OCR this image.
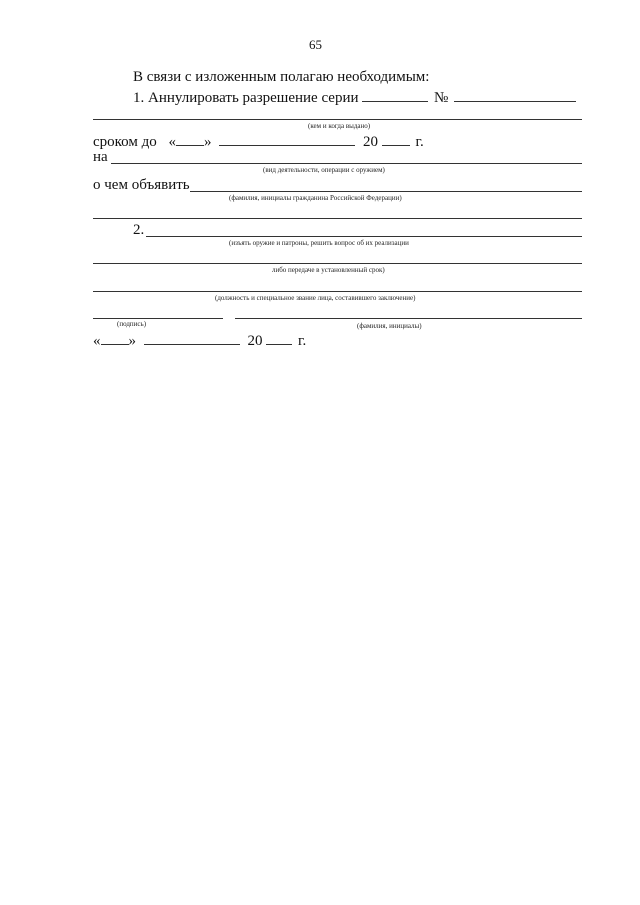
65
В связи с изложенным полагаю необходимым:
1. Аннулировать разрешение серии	№
(кем и когда выдано)
сроком до « »	20	г.
на
(вид деятельности, операции с оружием)
о чем объявить
(фамилия, инициалы гражданина Российской Федерации)
2.
(изъять оружие и патроны, решить вопрос об их реализации
либо передаче в установленный срок)
(должность и специальное звание лица, составившего заключение)
(подпись)	(фамилия, инициалы)
« »	20 г.
